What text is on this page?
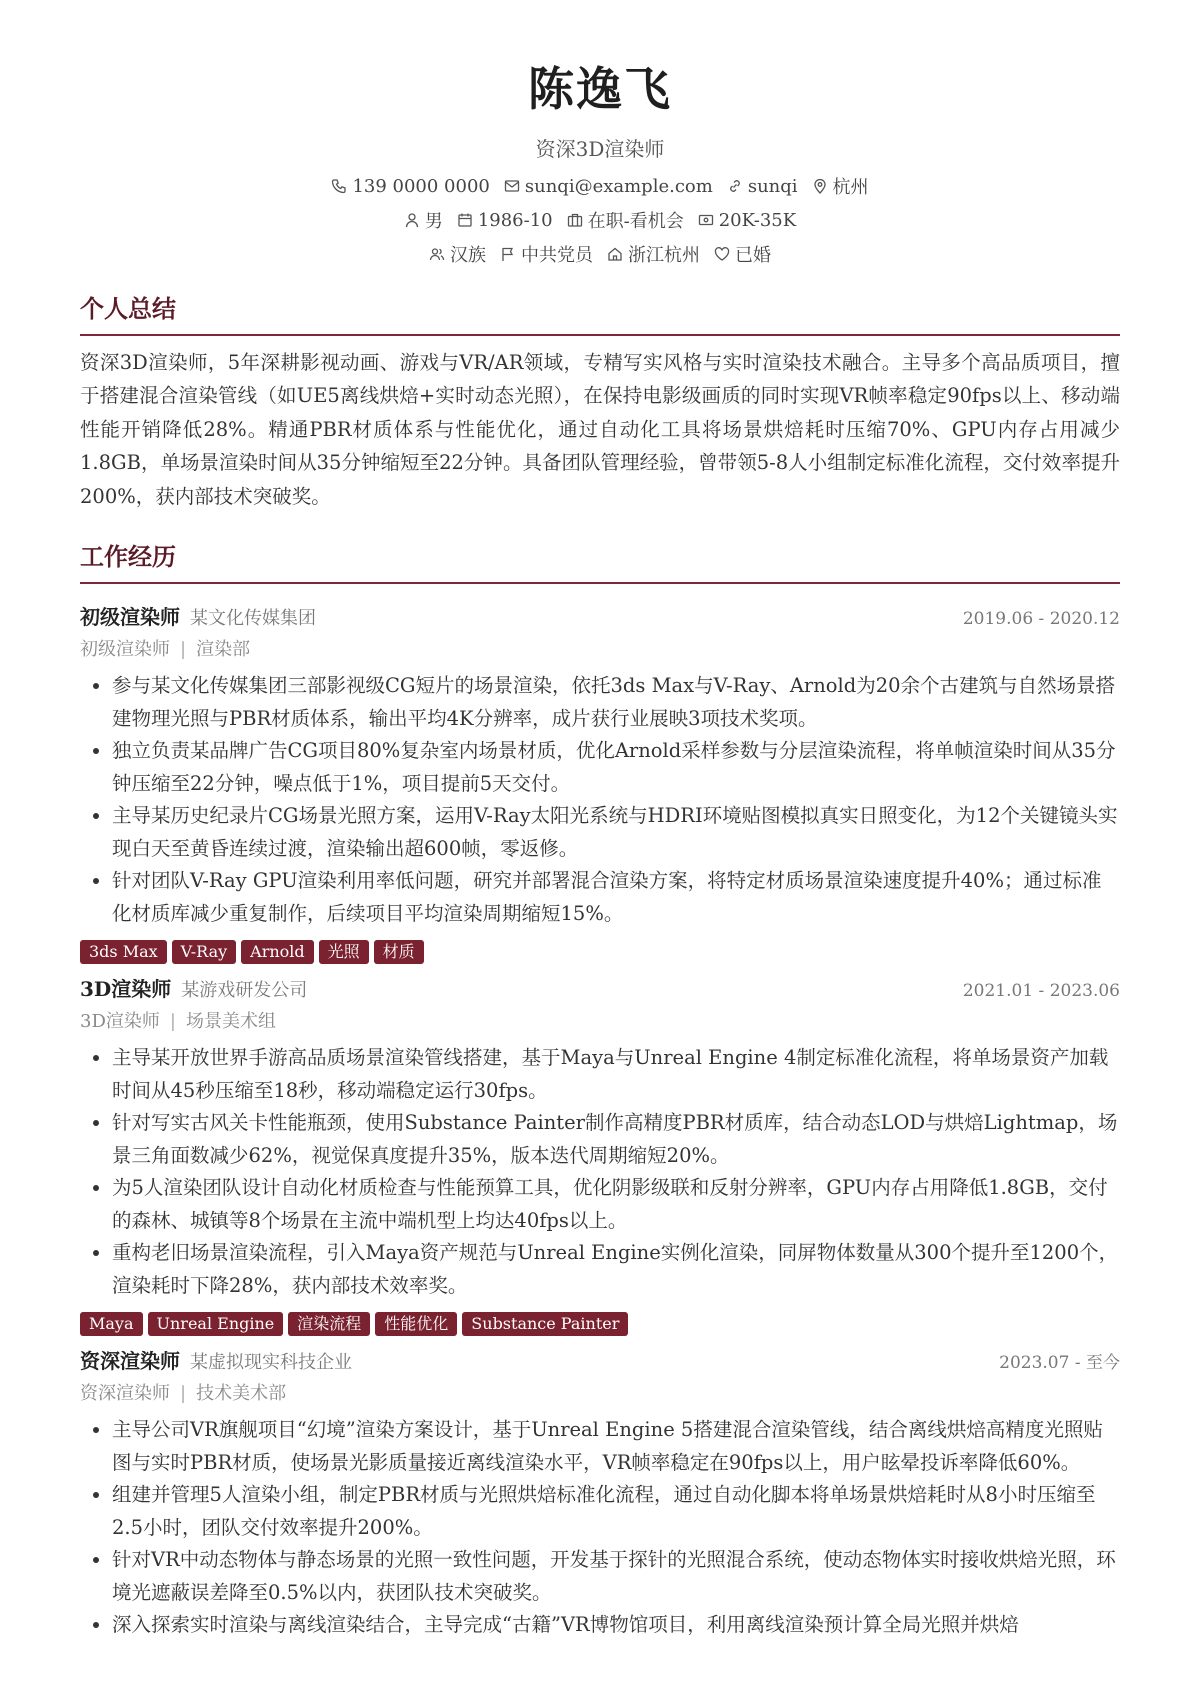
陈逸飞
资深3D渲染师
139 0000 0000 sunqi@example.com sunqi 杭州
男 1986-10 在职-看机会 20K-35K
汉族 中共党员 浙江杭州 已婚
个人总结
资深3D渲染师，5年深耕影视动画、游戏与VR/AR领域，专精写实风格与实时渲染技术融合。主导多个高品质项目，擅于搭建混合渲染管线（如UE5离线烘焙+实时动态光照），在保持电影级画质的同时实现VR帧率稳定90fps以上、移动端性能开销降低28%。精通PBR材质体系与性能优化，通过自动化工具将场景烘焙耗时压缩70%、GPU内存占用减少1.8GB，单场景渲染时间从35分钟缩短至22分钟。具备团队管理经验，曾带领5-8人小组制定标准化流程，交付效率提升200%，获内部技术突破奖。
工作经历
初级渲染师 某文化传媒集团	2019.06 - 2020.12
初级渲染师 | 渲染部
• 参与某文化传媒集团三部影视级CG短片的场景渲染，依托3ds Max与V-Ray、Arnold为20余个古建筑与自然场景搭建物理光照与PBR材质体系，输出平均4K分辨率，成片获行业展映3项技术奖项。
• 独立负责某品牌广告CG项目80%复杂室内场景材质，优化Arnold采样参数与分层渲染流程，将单帧渲染时间从35分钟压缩至22分钟，噪点低于1%，项目提前5天交付。
• 主导某历史纪录片CG场景光照方案，运用V-Ray太阳光系统与HDRI环境贴图模拟真实日照变化，为12个关键镜头实现白天至黄昏连续过渡，渲染输出超600帧，零返修。
• 针对团队V-Ray GPU渲染利用率低问题，研究并部署混合渲染方案，将特定材质场景渲染速度提升40%；通过标准化材质库减少重复制作，后续项目平均渲染周期缩短15%。
3ds Max	V-Ray	Arnold	光照	材质
3D渲染师 某游戏研发公司	2021.01 - 2023.06
3D渲染师 | 场景美术组
• 主导某开放世界手游高品质场景渲染管线搭建，基于Maya与Unreal Engine 4制定标准化流程，将单场景资产加载时间从45秒压缩至18秒，移动端稳定运行30fps。
• 针对写实古风关卡性能瓶颈，使用Substance Painter制作高精度PBR材质库，结合动态LOD与烘焙Lightmap，场景三角面数减少62%，视觉保真度提升35%，版本迭代周期缩短20%。
• 为5人渲染团队设计自动化材质检查与性能预算工具，优化阴影级联和反射分辨率，GPU内存占用降低1.8GB，交付的森林、城镇等8个场景在主流中端机型上均达40fps以上。
• 重构老旧场景渲染流程，引入Maya资产规范与Unreal Engine实例化渲染，同屏物体数量从300个提升至1200个，渲染耗时下降28%，获内部技术效率奖。
Maya	Unreal Engine	渲染流程	性能优化	Substance Painter
资深渲染师 某虚拟现实科技企业	2023.07 - 至今
资深渲染师 | 技术美术部
• 主导公司VR旗舰项目“幻境”渲染方案设计，基于Unreal Engine 5搭建混合渲染管线，结合离线烘焙高精度光照贴图与实时PBR材质，使场景光影质量接近离线渲染水平，VR帧率稳定在90fps以上，用户眩晕投诉率降低60%。
• 组建并管理5人渲染小组，制定PBR材质与光照烘焙标准化流程，通过自动化脚本将单场景烘焙耗时从8小时压缩至2.5小时，团队交付效率提升200%。
• 针对VR中动态物体与静态场景的光照一致性问题，开发基于探针的光照混合系统，使动态物体实时接收烘焙光照，环境光遮蔽误差降至0.5%以内，获团队技术突破奖。
• 深入探索实时渲染与离线渲染结合，主导完成“古籍”VR博物馆项目，利用离线渲染预计算全局光照并烘焙
